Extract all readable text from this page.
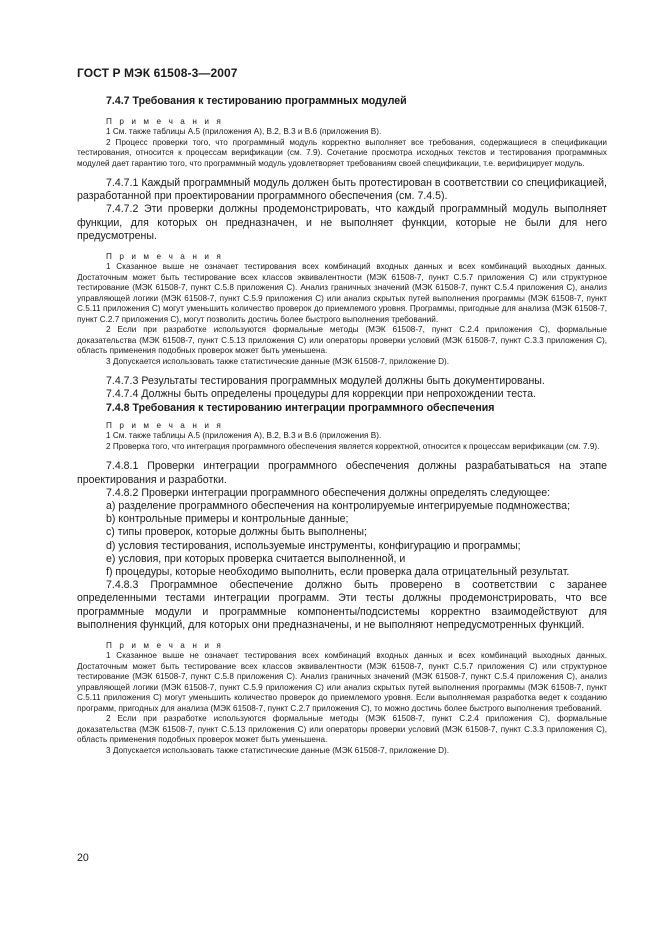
ГОСТ Р МЭК 61508-3—2007

7.4.7 Требования к тестированию программных модулей

П р и м е ч а н и я

1 См. также таблицы А.5 (приложения А), В.2, В.3 и В.6 (приложения В).

2 Процесс проверки того, что программный модуль корректно выполняет все требования, содержащиеся в спецификации тестирования, относится к процессам верификации (см. 7.9). Сочетание просмотра исходных текстов и тестирования программных модулей дает гарантию того, что программный модуль удовлетворяет требованиям своей спецификации, т.е. верифицирует модуль.

7.4.7.1 Каждый программный модуль должен быть протестирован в соответствии со спецификацией, разработанной при проектировании программного обеспечения (см. 7.4.5).

7.4.7.2 Эти проверки должны продемонстрировать, что каждый программный модуль выполняет функции, для которых он предназначен, и не выполняет функции, которые не были для него предусмотрены.

П р и м е ч а н и я

1 Сказанное выше не означает тестирования всех комбинаций входных данных и всех комбинаций выходных данных. Достаточным может быть тестирование всех классов эквивалентности (МЭК 61508-7, пункт С.5.7 приложения С) или структурное тестирование (МЭК 61508-7, пункт С.5.8 приложения С). Анализ граничных значений (МЭК 61508-7, пункт С.5.4 приложения С), анализ управляющей логики (МЭК 61508-7, пункт С.5.9 приложения С) или анализ скрытых путей выполнения программы (МЭК 61508-7, пункт С.5.11 приложения С) могут уменьшить количество проверок до приемлемого уровня. Программы, пригодные для анализа (МЭК 61508-7, пункт С.2.7 приложения С), могут позволить достичь более быстрого выполнения требований.

2 Если при разработке используются формальные методы (МЭК 61508-7, пункт С.2.4 приложения С), формальные доказательства (МЭК 61508-7, пункт С.5.13 приложения С) или операторы проверки условий (МЭК 61508-7, пункт С.3.3 приложения С), область применения подобных проверок может быть уменьшена.

3 Допускается использовать также статистические данные (МЭК 61508-7, приложение D).

7.4.7.3 Результаты тестирования программных модулей должны быть документированы.

7.4.7.4 Должны быть определены процедуры для коррекции при непрохождении теста.

7.4.8 Требования к тестированию интеграции программного обеспечения

П р и м е ч а н и я

1 См. также таблицы А.5 (приложения А), В.2, В.3 и В.6 (приложения В).

2 Проверка того, что интеграция программного обеспечения является корректной, относится к процессам верификации (см. 7.9).

7.4.8.1 Проверки интеграции программного обеспечения должны разрабатываться на этапе проектирования и разработки.

7.4.8.2 Проверки интеграции программного обеспечения должны определять следующее:

a) разделение программного обеспечения на контролируемые интегрируемые подмножества;

b) контрольные примеры и контрольные данные;

c) типы проверок, которые должны быть выполнены;

d) условия тестирования, используемые инструменты, конфигурацию и программы;

e) условия, при которых проверка считается выполненной, и

f) процедуры, которые необходимо выполнить, если проверка дала отрицательный результат.

7.4.8.3 Программное обеспечение должно быть проверено в соответствии с заранее определенными тестами интеграции программ. Эти тесты должны продемонстрировать, что все программные модули и программные компоненты/подсистемы корректно взаимодействуют для выполнения функций, для которых они предназначены, и не выполняют непредусмотренных функций.

П р и м е ч а н и я

1 Сказанное выше не означает тестирования всех комбинаций входных данных и всех комбинаций выходных данных. Достаточным может быть тестирование всех классов эквивалентности (МЭК 61508-7, пункт С.5.7 приложения С) или структурное тестирование (МЭК 61508-7, пункт С.5.8 приложения С). Анализ граничных значений (МЭК 61508-7, пункт С.5.4 приложения С), анализ управляющей логики (МЭК 61508-7, пункт С.5.9 приложения С) или анализ скрытых путей выполнения программы (МЭК 61508-7, пункт С.5.11 приложения С) могут уменьшить количество проверок до приемлемого уровня. Если выполняемая разработка ведет к созданию программ, пригодных для анализа (МЭК 61508-7, пункт С.2.7 приложения С), то можно достичь более быстрого выполнения требований.

2 Если при разработке используются формальные методы (МЭК 61508-7, пункт С.2.4 приложения С), формальные доказательства (МЭК 61508-7, пункт С.5.13 приложения С) или операторы проверки условий (МЭК 61508-7, пункт С.3.3 приложения С), область применения подобных проверок может быть уменьшена.

3 Допускается использовать также статистические данные (МЭК 61508-7, приложение D).

20
